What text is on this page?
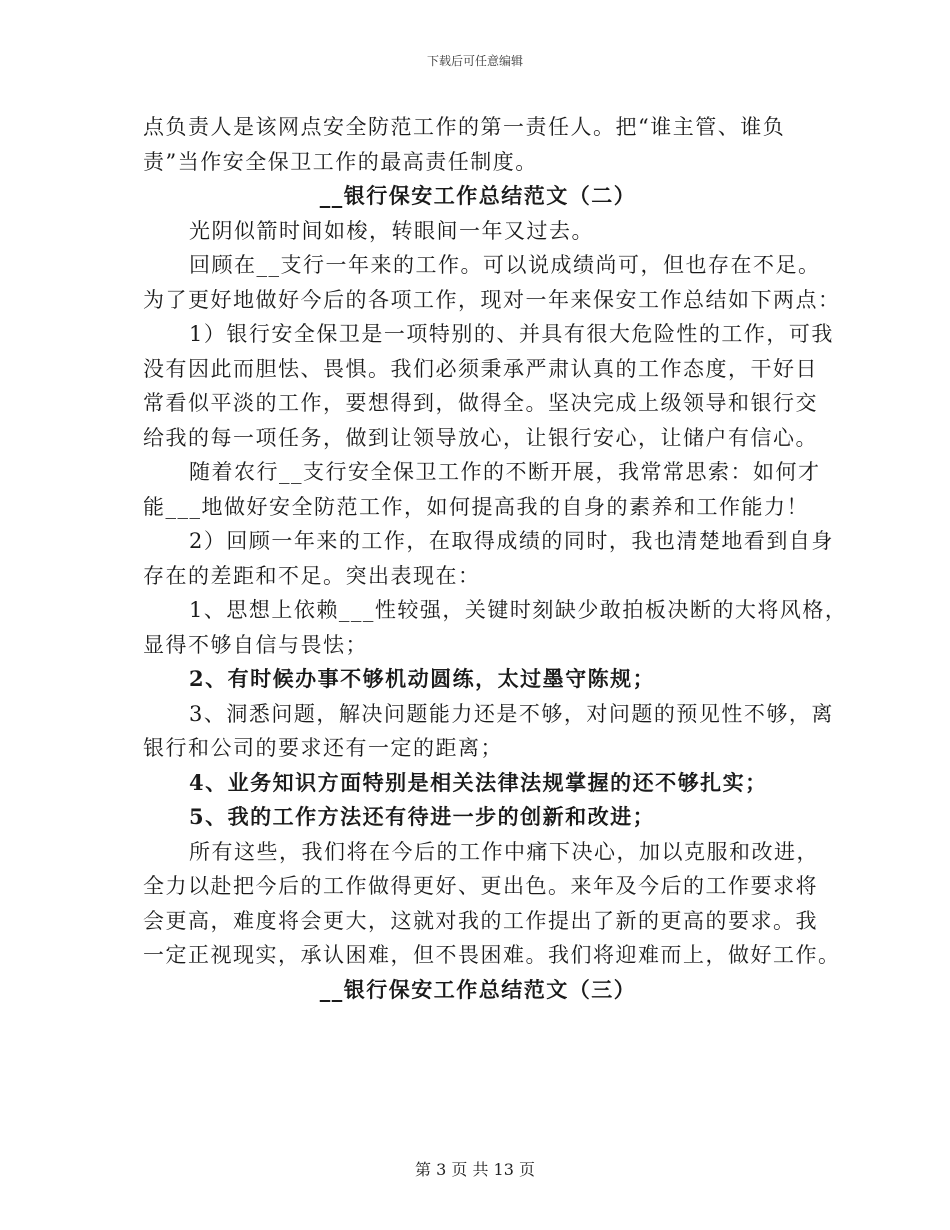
下载后可任意编辑

点负责人是该网点安全防范工作的第一责任人。把“谁主管、谁负

责”当作安全保卫工作的最高责任制度。

__银行保安工作总结范文（二）

光阴似箭时间如梭，转眼间一年又过去。

回顾在__支行一年来的工作。可以说成绩尚可，但也存在不足。

为了更好地做好今后的各项工作，现对一年来保安工作总结如下两点：

1）银行安全保卫是一项特别的、并具有很大危险性的工作，可我

没有因此而胆怯、畏惧。我们必须秉承严肃认真的工作态度，干好日

常看似平淡的工作，要想得到，做得全。坚决完成上级领导和银行交

给我的每一项任务，做到让领导放心，让银行安心，让储户有信心。

随着农行__支行安全保卫工作的不断开展，我常常思索：如何才

能___地做好安全防范工作，如何提高我的自身的素养和工作能力！

2）回顾一年来的工作，在取得成绩的同时，我也清楚地看到自身

存在的差距和不足。突出表现在：

1、思想上依赖___性较强，关键时刻缺少敢拍板决断的大将风格，

显得不够自信与畏怯；

2、有时候办事不够机动圆练，太过墨守陈规；

3、洞悉问题，解决问题能力还是不够，对问题的预见性不够，离

银行和公司的要求还有一定的距离；

4、业务知识方面特别是相关法律法规掌握的还不够扎实；

5、我的工作方法还有待进一步的创新和改进；

所有这些，我们将在今后的工作中痛下决心，加以克服和改进，

全力以赴把今后的工作做得更好、更出色。来年及今后的工作要求将

会更高，难度将会更大，这就对我的工作提出了新的更高的要求。我

一定正视现实，承认困难，但不畏困难。我们将迎难而上，做好工作。

__银行保安工作总结范文（三）

第 3 页 共 13 页
